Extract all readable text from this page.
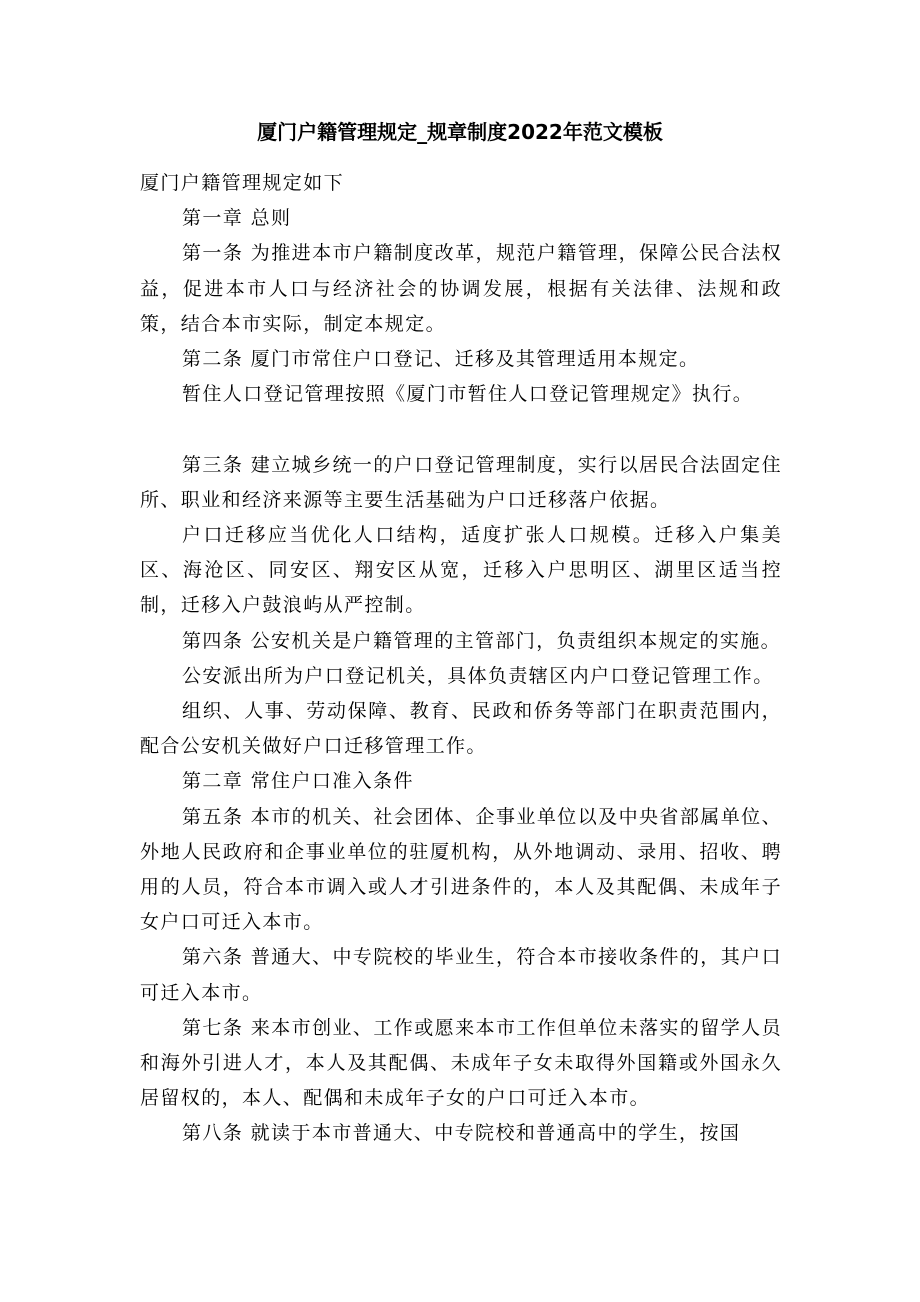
厦门户籍管理规定_规章制度2022年范文模板

厦门户籍管理规定如下

第一章 总则

第一条 为推进本市户籍制度改革，规范户籍管理，保障公民合法权益，促进本市人口与经济社会的协调发展，根据有关法律、法规和政策，结合本市实际，制定本规定。

第二条 厦门市常住户口登记、迁移及其管理适用本规定。

暂住人口登记管理按照《厦门市暂住人口登记管理规定》执行。

第三条 建立城乡统一的户口登记管理制度，实行以居民合法固定住所、职业和经济来源等主要生活基础为户口迁移落户依据。

户口迁移应当优化人口结构，适度扩张人口规模。迁移入户集美区、海沧区、同安区、翔安区从宽，迁移入户思明区、湖里区适当控制，迁移入户鼓浪屿从严控制。

第四条 公安机关是户籍管理的主管部门，负责组织本规定的实施。

公安派出所为户口登记机关，具体负责辖区内户口登记管理工作。

组织、人事、劳动保障、教育、民政和侨务等部门在职责范围内，配合公安机关做好户口迁移管理工作。

第二章 常住户口准入条件

第五条 本市的机关、社会团体、企事业单位以及中央省部属单位、外地人民政府和企事业单位的驻厦机构，从外地调动、录用、招收、聘用的人员，符合本市调入或人才引进条件的，本人及其配偶、未成年子女户口可迁入本市。

第六条 普通大、中专院校的毕业生，符合本市接收条件的，其户口可迁入本市。

第七条 来本市创业、工作或愿来本市工作但单位未落实的留学人员和海外引进人才，本人及其配偶、未成年子女未取得外国籍或外国永久居留权的，本人、配偶和未成年子女的户口可迁入本市。

第八条 就读于本市普通大、中专院校和普通高中的学生，按国
